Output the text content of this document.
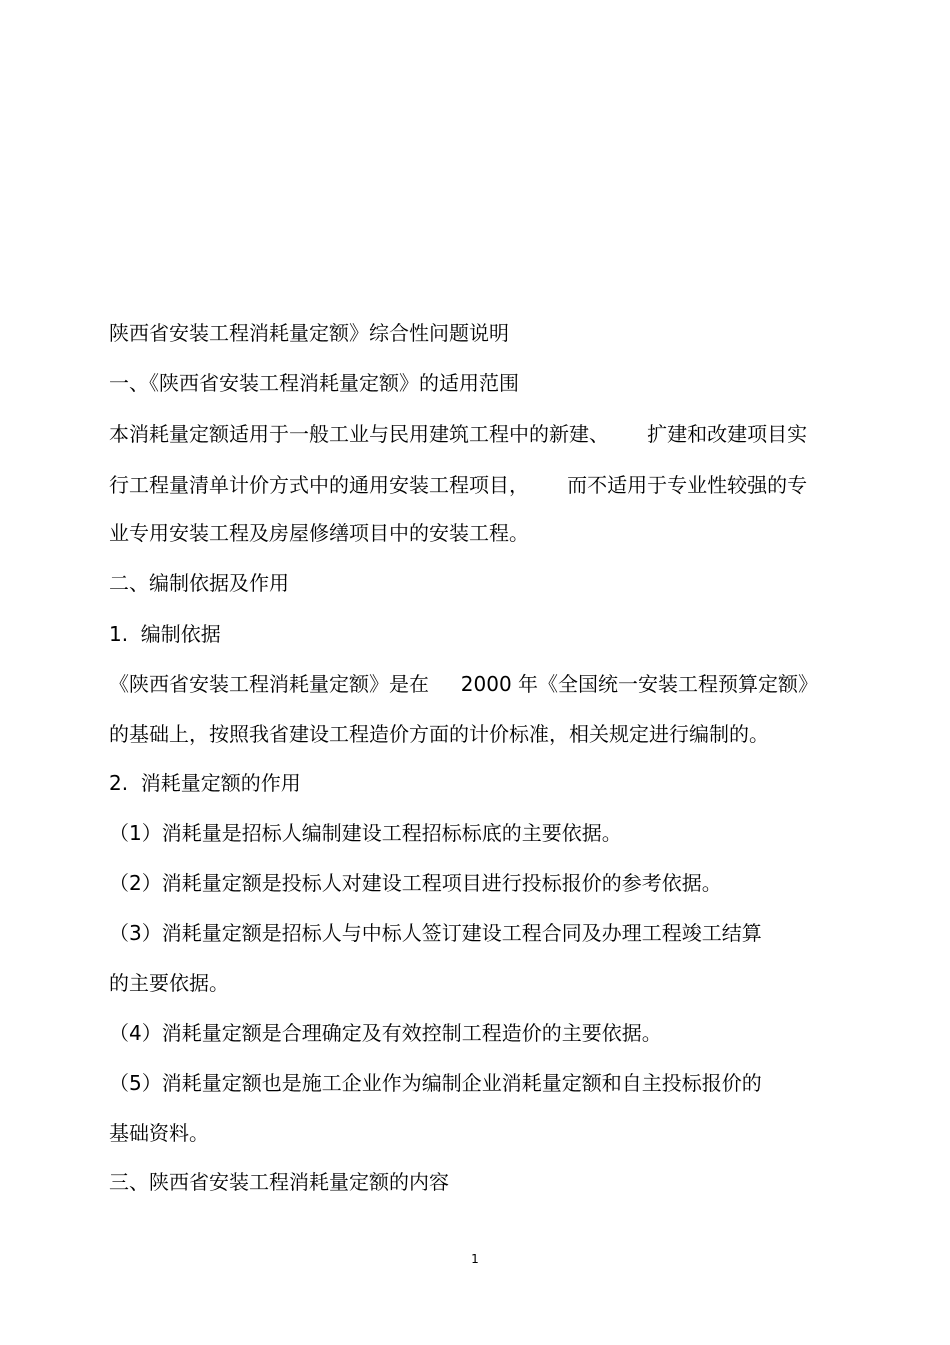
陕西省安装工程消耗量定额》综合性问题说明
一、《陕西省安装工程消耗量定额》的适用范围
本消耗量定额适用于一般工业与民用建筑工程中的新建、      扩建和改建项目实
行工程量清单计价方式中的通用安装工程项目，      而不适用于专业性较强的专
业专用安装工程及房屋修缮项目中的安装工程。
二、编制依据及作用
1.  编制依据
《陕西省安装工程消耗量定额》是在     2000 年《全国统一安装工程预算定额》
的基础上，按照我省建设工程造价方面的计价标准，相关规定进行编制的。
2.  消耗量定额的作用
（1）消耗量是招标人编制建设工程招标标底的主要依据。
（2）消耗量定额是投标人对建设工程项目进行投标报价的参考依据。
（3）消耗量定额是招标人与中标人签订建设工程合同及办理工程竣工结算
的主要依据。
（4）消耗量定额是合理确定及有效控制工程造价的主要依据。
（5）消耗量定额也是施工企业作为编制企业消耗量定额和自主投标报价的
基础资料。
三、陕西省安装工程消耗量定额的内容
1
